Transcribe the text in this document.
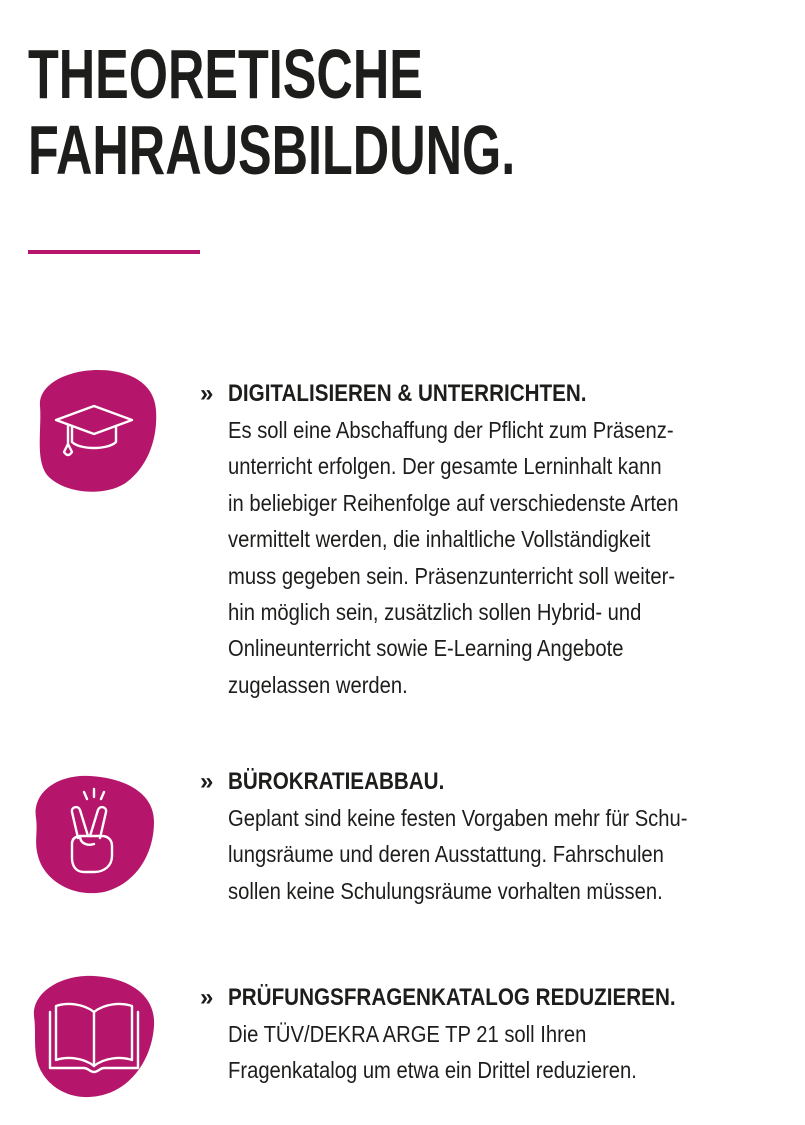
THEORETISCHE
FAHRAUSBILDUNG.
» DIGITALISIEREN & UNTERRICHTEN.
Es soll eine Abschaffung der Pflicht zum Präsenz-
unterricht erfolgen. Der gesamte Lerninhalt kann
in beliebiger Reihenfolge auf verschiedenste Arten
vermittelt werden, die inhaltliche Vollständigkeit
muss gegeben sein. Präsenzunterricht soll weiter-
hin möglich sein, zusätzlich sollen Hybrid- und
Onlineunterricht sowie E-Learning Angebote
zugelassen werden.
» BÜROKRATIEABBAU.
Geplant sind keine festen Vorgaben mehr für Schu-
lungsräume und deren Ausstattung. Fahrschulen
sollen keine Schulungsräume vorhalten müssen.
» PRÜFUNGSFRAGENKATALOG REDUZIEREN.
Die TÜV/DEKRA ARGE TP 21 soll Ihren
Fragenkatalog um etwa ein Drittel reduzieren.
